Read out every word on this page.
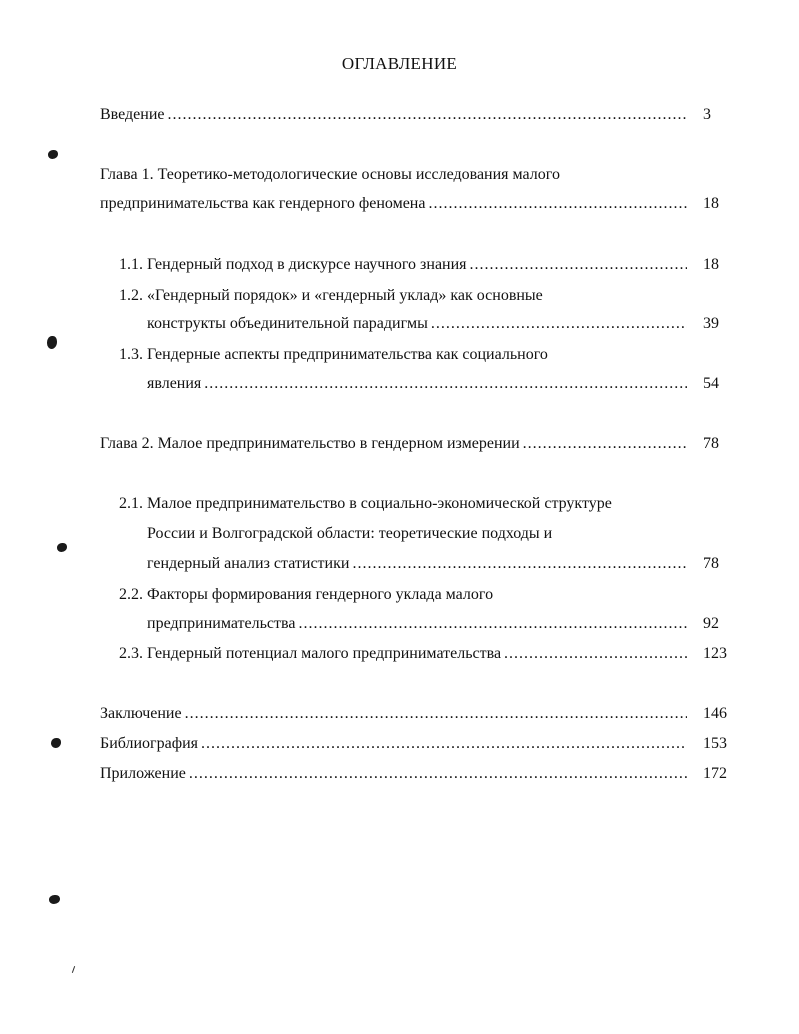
ОГЛАВЛЕНИЕ
Введение .....	3
Глава 1. Теоретико-методологические основы исследования малого
предпринимательства как гендерного феномена .....	18
1.1. Гендерный подход в дискурсе научного знания .....	18
1.2. «Гендерный порядок» и «гендерный уклад» как основные
конструкты объединительной парадигмы .....	39
1.3. Гендерные аспекты предпринимательства как социального
явления .....	54
Глава 2. Малое предпринимательство в гендерном измерении .....	78
2.1. Малое предпринимательство в социально-экономической структуре
России и Волгоградской области: теоретические подходы и
гендерный анализ статистики .....	78
2.2. Факторы формирования гендерного уклада малого
предпринимательства .....	92
2.3. Гендерный потенциал малого предпринимательства .....	123
Заключение .....	146
Библиография .....	153
Приложение .....	172
